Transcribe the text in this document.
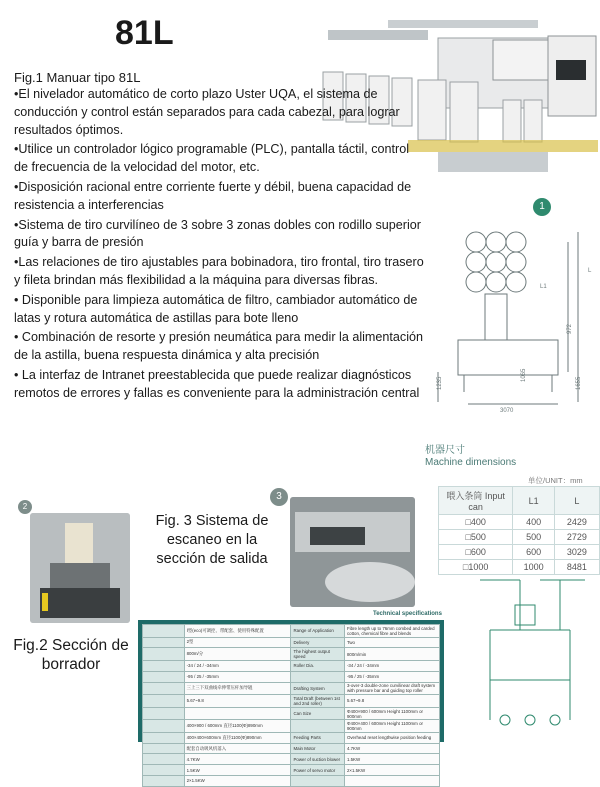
81L
Fig.1 Manuar tipo 81L
1
• El nivelador automático de corto plazo Uster UQA, el sistema de conducción y control están separados para cada cabezal, para lograr resultados óptimos.
• Utilice un controlador lógico programable (PLC), pantalla táctil, control de frecuencia de la velocidad del motor, etc.
• Disposición racional entre corriente fuerte y débil, buena capacidad de resistencia a interferencias
• Sistema de tiro curvilíneo de 3 sobre 3 zonas dobles con rodillo superior guía y barra de presión
• Las relaciones de tiro ajustables para bobinadora, tiro frontal, tiro trasero y fileta brindan más flexibilidad a la máquina para diversas fibras.
• Disponible para limpieza automática de filtro, cambiador automático de latas y rotura automática de astillas para bote lleno
• Combinación de resorte y presión neumática para medir la alimentación de la astilla, buena respuesta dinámica y alta precisión
• La interfaz de Intranet preestablecida que puede realizar diagnósticos remotos de errores y fallas es conveniente para la administración central
972
1065
1655
1235
3070
L1
L
机器尺寸
Machine dimensions
单位/UNIT：mm
喂入条筒 Input can	L1	L
□400	400	2429
□500	500	2729
□600	600	3029
□1000	1000	8481
2
Fig.2 Sección de borrador
Fig. 3 Sistema de escaneo en la sección de salida
3
Technical specifications
	Ⅰ型(eco)可调控、带配套、使用特殊配置	Range of Application	Fibre length up to 76mm combed and carded cotton, chemical fibre and blends
	2型	Delivery	Two
	800m/分	The highest output speed	800m/min
	-34 / 24 / -34mm	Roller Dia.	-34 / 24 / -34mm
	-95 / 25 / -35mm		-95 / 25 / -35mm
	三上三下双曲线牵伸带压杆加导辊	Drafting System	3-over-3 double-zone curvilinear draft system with pressure bar and guiding top roller
	5.67~9.8	Total Draft (between 1st and 2nd roller)	5.67~9.8
		Can Size	Φ400×900 / 600mm Height 1100mm or 900mm
	400×900 / 600mm 直径1100(Φ)890mm		Φ400×400 / 600mm Height 1100mm or 900mm
	400×400×600mm 直径1100(Φ)890mm	Feeding Parts	Overhead reset lengthwise position feeding
	配套自动吸风机落入	Main Motor	4.7KW
	4.7KW	Power of suction blower	1.5KW
	1.5KW	Power of servo motor	2×1.5KW
	2×1.5KW		
